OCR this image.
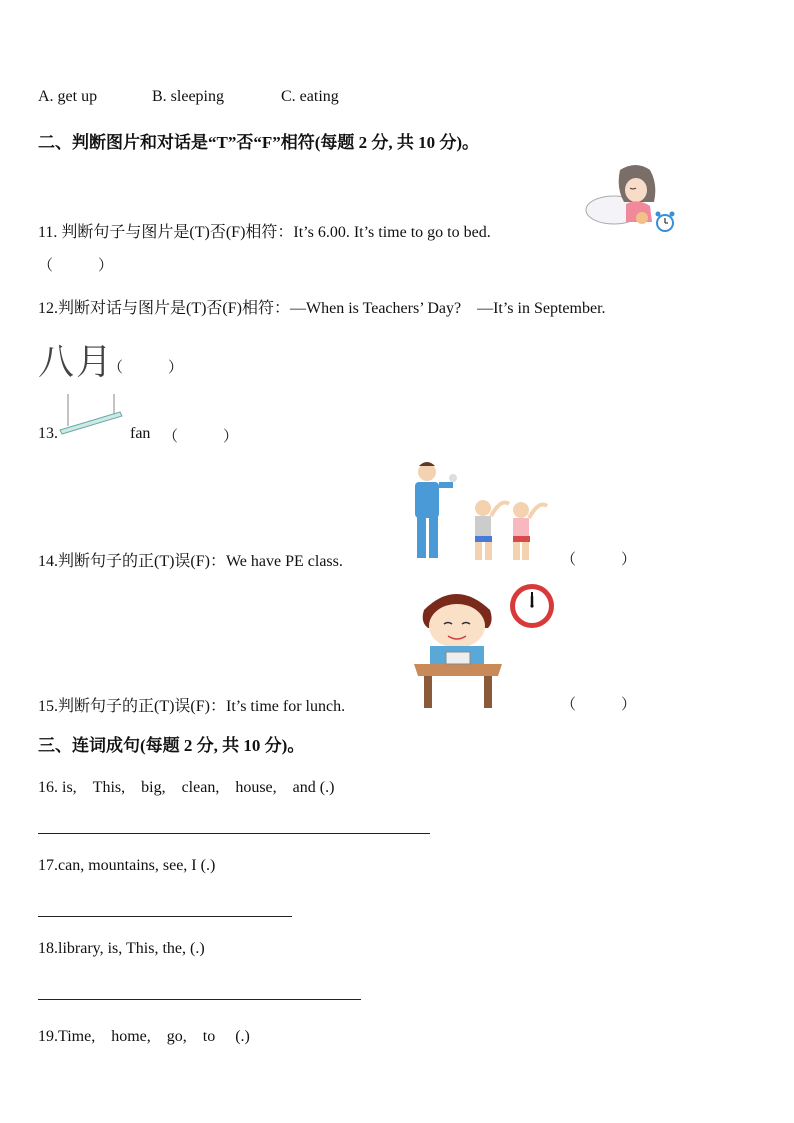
A. get up	B. sleeping	C. eating
二、判断图片和对话是“T”否“F”相符(每题 2 分, 共 10 分)。
11. 判断句子与图片是(T)否(F)相符：It’s 6.00. It’s time to go to bed.
（　　　）
12.判断对话与图片是(T)否(F)相符：—When is Teachers’ Day?　—It’s in September.
八月
（　　　）
13.	fan （　　　）
14.判断句子的正(T)误(F)：We have PE class.	（　　　）
15.判断句子的正(T)误(F)：It’s time for lunch.	（　　　）
三、连词成句(每题 2 分, 共 10 分)。
16. is,　This,　big,　clean,　house,　and (.)
17.can, mountains, see, I (.)
18.library, is, This, the, (.)
19.Time,　home,　go,　to　 (.)
